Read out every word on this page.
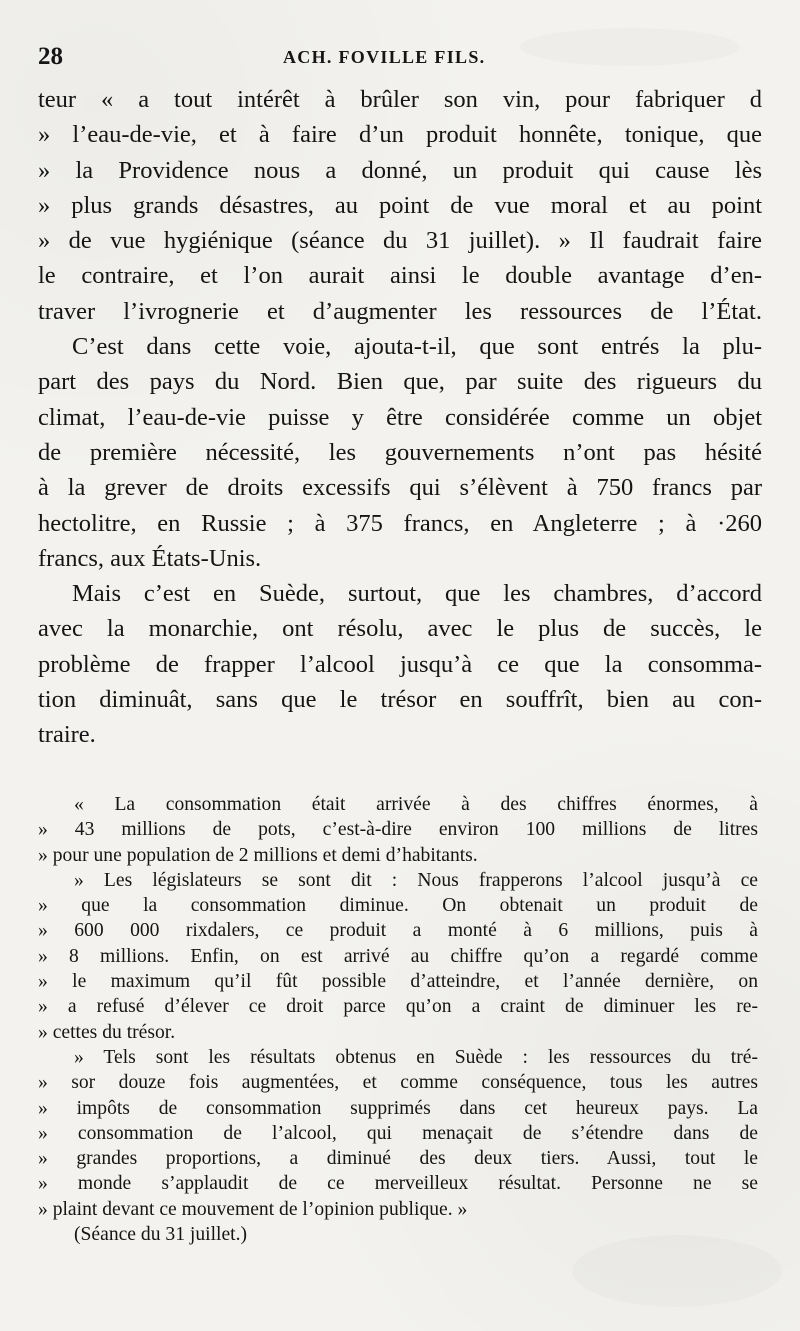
28	ACH. FOVILLE FILS.
teur « a tout intérêt à brûler son vin, pour fabriquer d
» l’eau-de-vie, et à faire d’un produit honnête, tonique, que
» la Providence nous a donné, un produit qui cause lès
» plus grands désastres, au point de vue moral et au point
» de vue hygiénique (séance du 31 juillet). » Il faudrait faire
le contraire, et l’on aurait ainsi le double avantage d’en-
traver l’ivrognerie et d’augmenter les ressources de l’État.
C’est dans cette voie, ajouta-t-il, que sont entrés la plu-
part des pays du Nord. Bien que, par suite des rigueurs du
climat, l’eau-de-vie puisse y être considérée comme un objet
de première nécessité, les gouvernements n’ont pas hésité
à la grever de droits excessifs qui s’élèvent à 750 francs par
hectolitre, en Russie ; à 375 francs, en Angleterre ; à ·260
francs, aux États-Unis.
Mais c’est en Suède, surtout, que les chambres, d’accord
avec la monarchie, ont résolu, avec le plus de succès, le
problème de frapper l’alcool jusqu’à ce que la consomma-
tion diminuât, sans que le trésor en souffrît, bien au con-
traire.
« La consommation était arrivée à des chiffres énormes, à
» 43 millions de pots, c’est-à-dire environ 100 millions de litres
» pour une population de 2 millions et demi d’habitants.
» Les législateurs se sont dit : Nous frapperons l’alcool jusqu’à ce
» que la consommation diminue. On obtenait un produit de
» 600 000 rixdalers, ce produit a monté à 6 millions, puis à
» 8 millions. Enfin, on est arrivé au chiffre qu’on a regardé comme
» le maximum qu’il fût possible d’atteindre, et l’année dernière, on
» a refusé d’élever ce droit parce qu’on a craint de diminuer les re-
» cettes du trésor.
» Tels sont les résultats obtenus en Suède : les ressources du tré-
» sor douze fois augmentées, et comme conséquence, tous les autres
» impôts de consommation supprimés dans cet heureux pays. La
» consommation de l’alcool, qui menaçait de s’étendre dans de
» grandes proportions, a diminué des deux tiers. Aussi, tout le
» monde s’applaudit de ce merveilleux résultat. Personne ne se
» plaint devant ce mouvement de l’opinion publique. »
(Séance du 31 juillet.)
